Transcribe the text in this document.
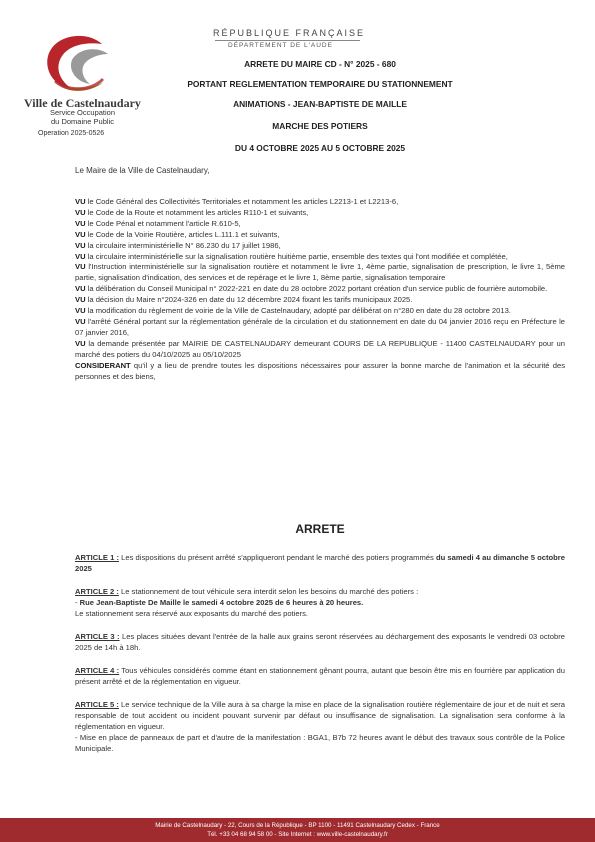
Ville de Castelnaudary
Service Occupation
du Domaine Public
Operation 2025-0526
RÉPUBLIQUE FRANÇAISE
DÉPARTEMENT DE L'AUDE
ARRETE DU MAIRE CD - N° 2025 - 680
PORTANT REGLEMENTATION TEMPORAIRE DU STATIONNEMENT
ANIMATIONS - JEAN-BAPTISTE DE MAILLE
MARCHE DES POTIERS
DU 4 OCTOBRE 2025 AU 5 OCTOBRE 2025
Le Maire de la Ville de Castelnaudary,

VU le Code Général des Collectivités Territoriales et notamment les articles L2213-1 et L2213-6,

VU le Code de la Route et notamment les articles R110-1 et suivants,

VU le Code Pénal et notamment l'article R.610-5,

VU le Code de la Voirie Routière, articles L.111.1 et suivants,

VU la circulaire interministérielle N° 86.230 du 17 juillet 1986,

VU la circulaire interministérielle sur la signalisation routière huitième partie, ensemble des textes qui l'ont modifiée et complétée,

VU l'Instruction interministérielle sur la signalisation routière et notamment le livre 1, 4ème partie, signalisation de prescription, le livre 1, 5ème partie, signalisation d'indication, des services et de repérage et le livre 1, 8ème partie, signalisation temporaire

VU la délibération du Conseil Municipal n° 2022-221 en date du 28 octobre 2022 portant création d'un service public de fourrière automobile.

VU la décision du Maire n°2024-326 en date du 12 décembre 2024 fixant les tarifs municipaux 2025.

VU la modification du règlement de voirie de la Ville de Castelnaudary, adopté par délibérat on n°280 en date du 28 octobre 2013.

VU l'arrêté Général portant sur la réglementation générale de la circulation et du stationnement en date du 04 janvier 2016 reçu en Préfecture le 07 janvier 2016,

VU la demande présentée par MAIRIE DE CASTELNAUDARY demeurant COURS DE LA REPUBLIQUE - 11400 CASTELNAUDARY pour un marché des potiers du 04/10/2025 au 05/10/2025

CONSIDERANT qu'il y a lieu de prendre toutes les dispositions nécessaires pour assurer la bonne marche de l'animation et la sécurité des personnes et des biens,

ARRETE

ARTICLE 1 : Les dispositions du présent arrêté s'appliqueront pendant le marché des potiers programmés du samedi 4 au dimanche 5 octobre 2025

ARTICLE 2 : Le stationnement de tout véhicule sera interdit selon les besoins du marché des potiers :

- Rue Jean-Baptiste De Maille le samedi 4 octobre 2025 de 6 heures à 20 heures.

Le stationnement sera réservé aux exposants du marché des potiers.

ARTICLE 3 : Les places situées devant l'entrée de la halle aux grains seront réservées au déchargement des exposants le vendredi 03 octobre 2025 de 14h à 18h.

ARTICLE 4 : Tous véhicules considérés comme étant en stationnement gênant pourra, autant que besoin être mis en fourrière par application du présent arrêté et de la réglementation en vigueur.

ARTICLE 5 : Le service technique de la Ville aura à sa charge la mise en place de la signalisation routière réglementaire de jour et de nuit et sera responsable de tout accident ou incident pouvant survenir par défaut ou insuffisance de signalisation. La signalisation sera conforme à la réglementation en vigueur.

- Mise en place de panneaux de part et d'autre de la manifestation : BGA1, B7b 72 heures avant le début des travaux sous contrôle de la Police Municipale.

Mairie de Castelnaudary - 22, Cours de la République - BP 1100 - 11491 Castelnaudary Cedex - France
Tél. +33 04 68 94 58 00 - Site Internet : www.ville-castelnaudary.fr
